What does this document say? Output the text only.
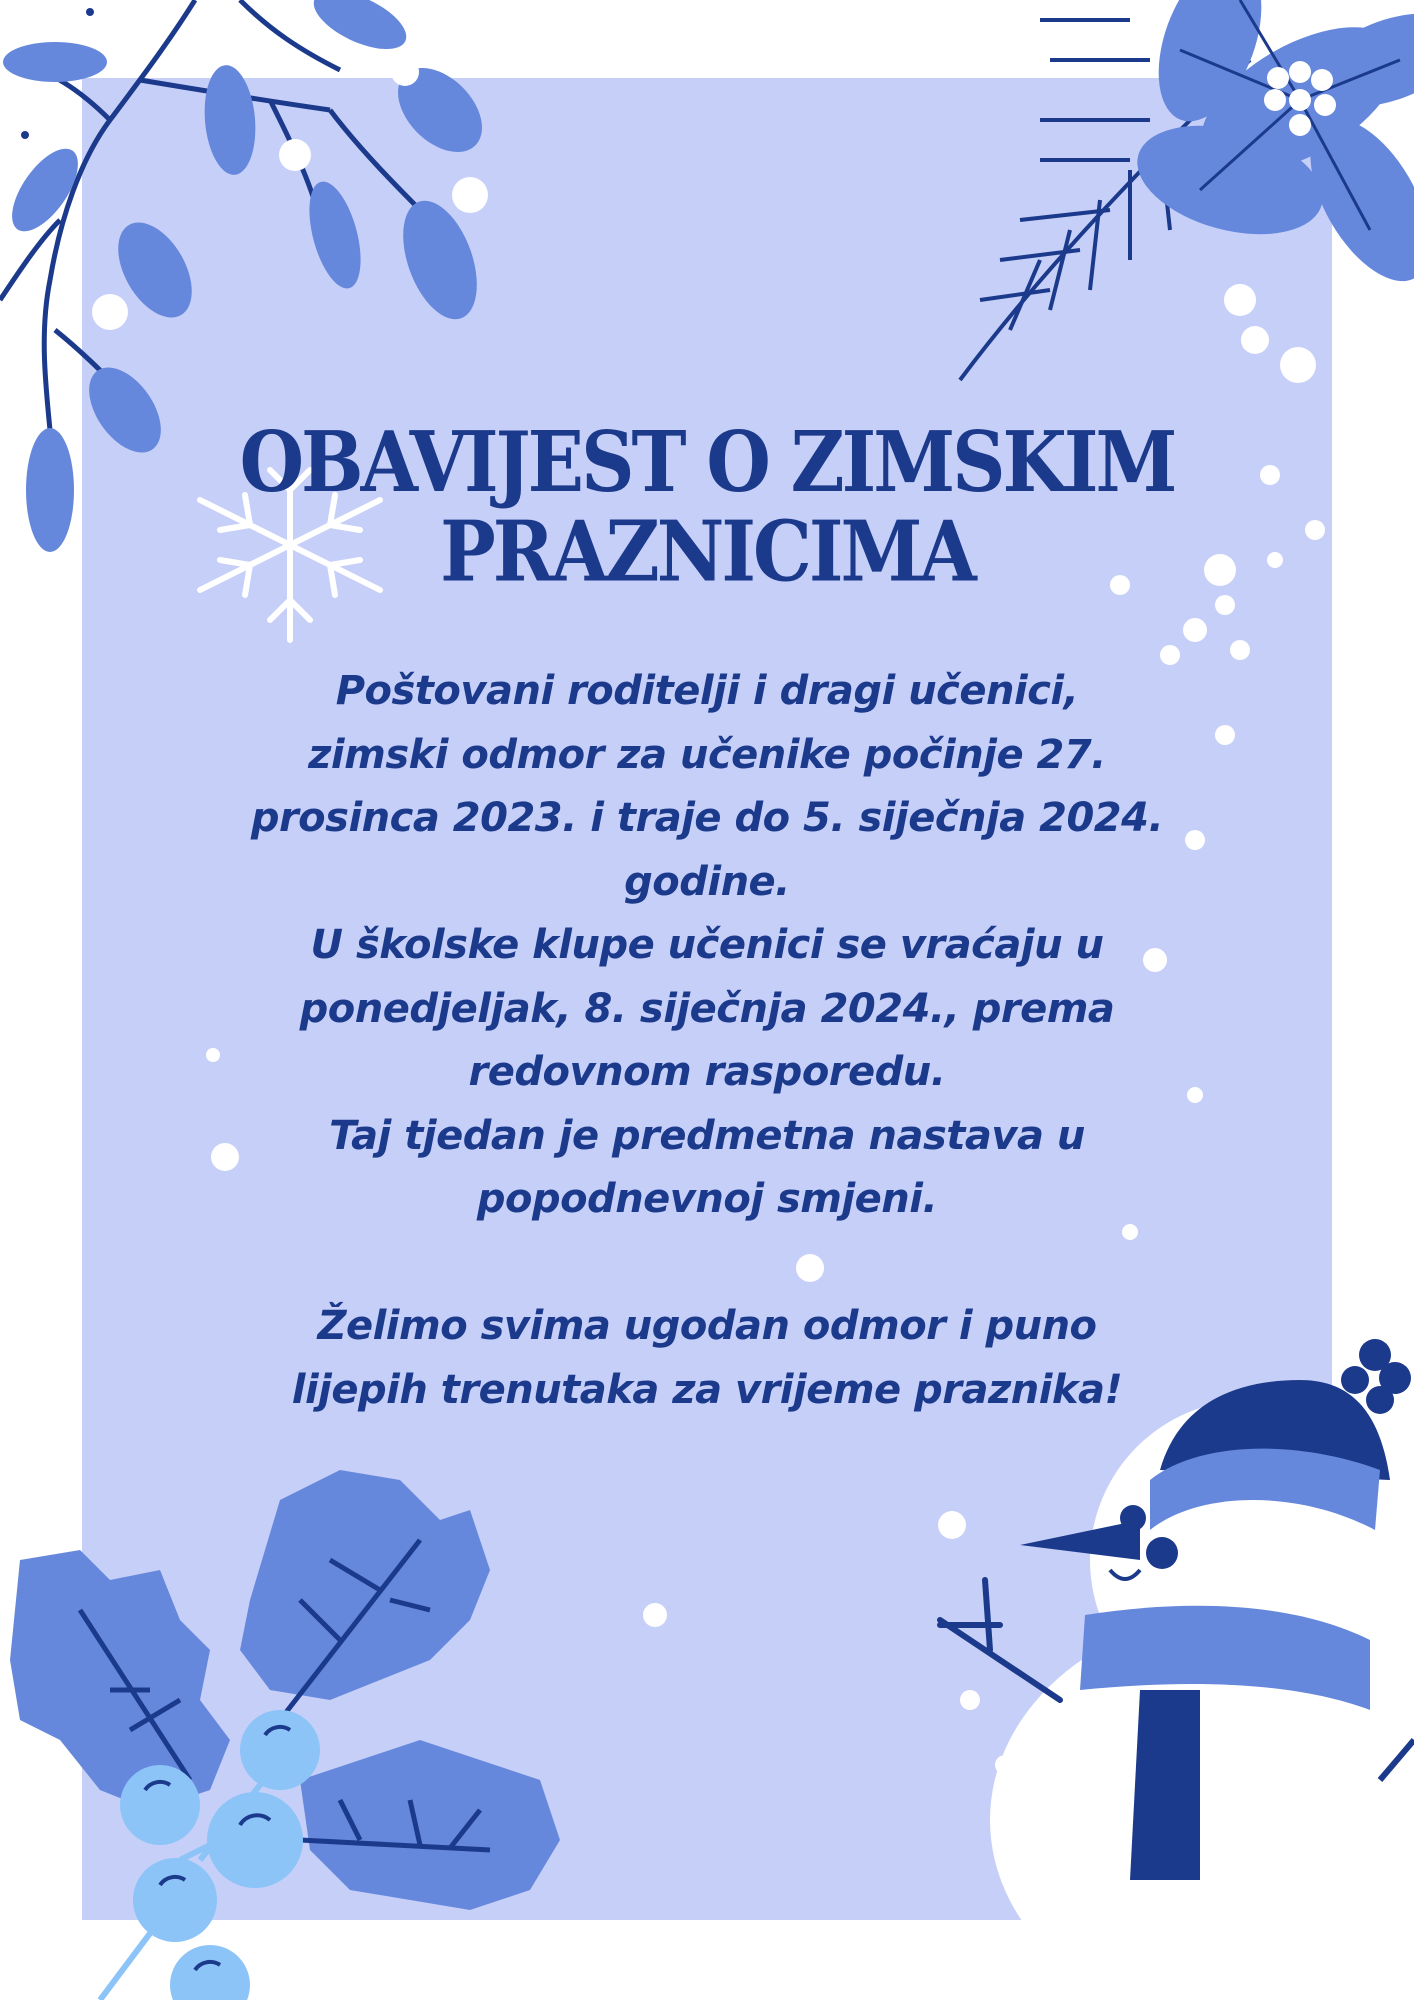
OBAVIJEST O ZIMSKIM
PRAZNICIMA
Poštovani roditelji i dragi učenici,
zimski odmor za učenike počinje 27.
prosinca 2023. i traje do 5. siječnja 2024.
godine.
U školske klupe učenici se vraćaju u
ponedjeljak, 8. siječnja 2024., prema
redovnom rasporedu.
Taj tjedan je predmetna nastava u
popodnevnoj smjeni.
Želimo svima ugodan odmor i puno
lijepih trenutaka za vrijeme praznika!
